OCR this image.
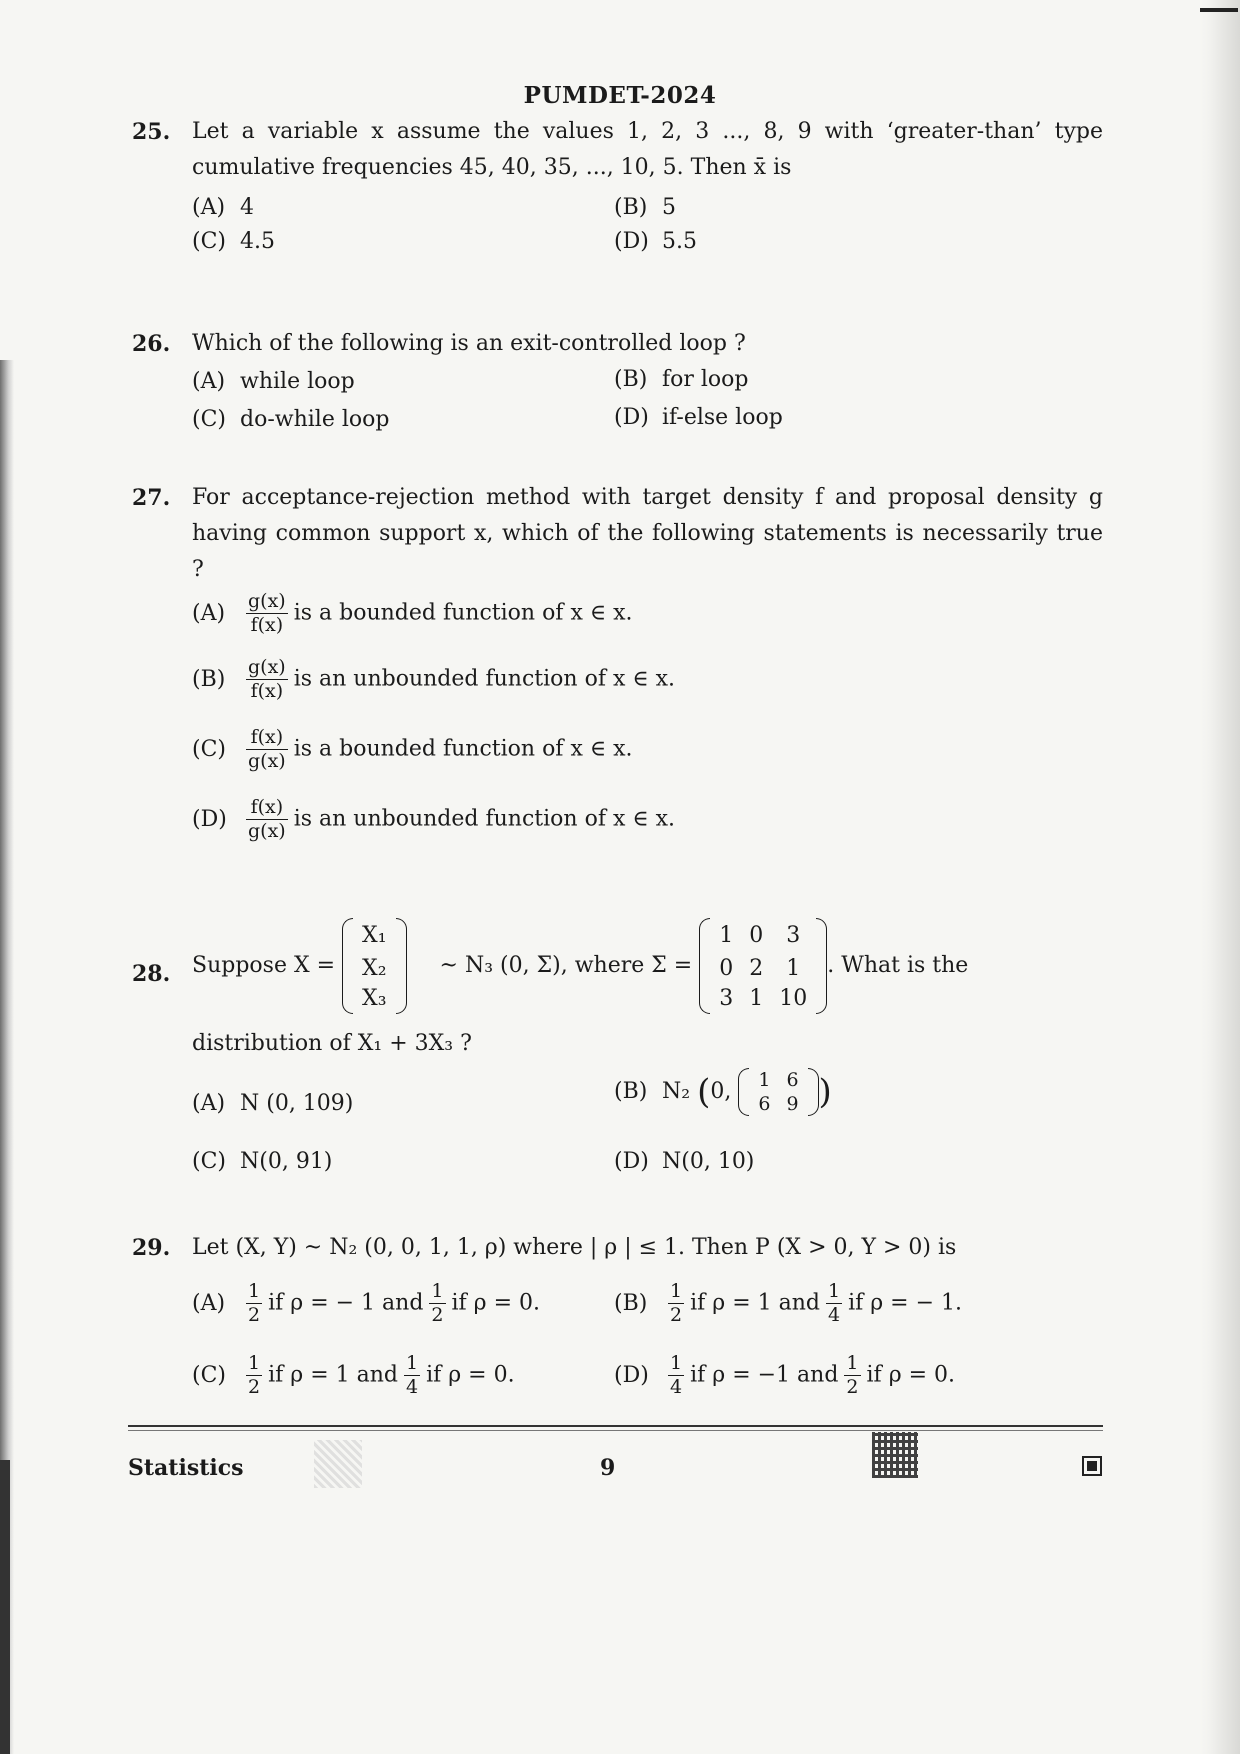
PUMDET-2024
25. Let a variable x assume the values 1, 2, 3 ..., 8, 9 with ‘greater-than’ type cumulative frequencies 45, 40, 35, ..., 10, 5. Then x̄ is
(A) 4	(B) 5
(C) 4.5	(D) 5.5
26. Which of the following is an exit-controlled loop ?
(A) while loop	(B) for loop
(C) do-while loop	(D) if-else loop
27. For acceptance-rejection method with target density f and proposal density g having common support x, which of the following statements is necessarily true ?
$(A) \frac{g(x)}{f(x)}$ is a bounded function of x ∈ x.
$(B) \frac{g(x)}{f(x)}$ is an unbounded function of x ∈ x.
$(C) \frac{f(x)}{g(x)}$ is a bounded function of x ∈ x.
$(D) \frac{f(x)}{g(x)}$ is an unbounded function of x ∈ x.
28. Suppose X =
X₁
X₂
X₃
~ N₃ (0, Σ), where Σ =
1	0	3
0	2	1
3	1	10
. What is the
distribution of X₁ + 3X₃ ?
(A) N (0, 109)	(B) N₂ (0, 1	6
6	9 )
(C) N(0, 91)	(D) N(0, 10)
29. Let (X, Y) ~ N₂ (0, 0, 1, 1, ρ) where | ρ | ≤ 1. Then P (X > 0, Y > 0) is
$(A) \frac{1}{2}$ if ρ = − 1 and $\frac{1}{2}$ if ρ = 0.	$(B) \frac{1}{2}$ if ρ = 1 and $\frac{1}{4}$ if ρ = − 1.
$(C) \frac{1}{2}$ if ρ = 1 and $\frac{1}{4}$ if ρ = 0.	$(D) \frac{1}{4}$ if ρ = −1 and $\frac{1}{2}$ if ρ = 0.
Statistics	9
